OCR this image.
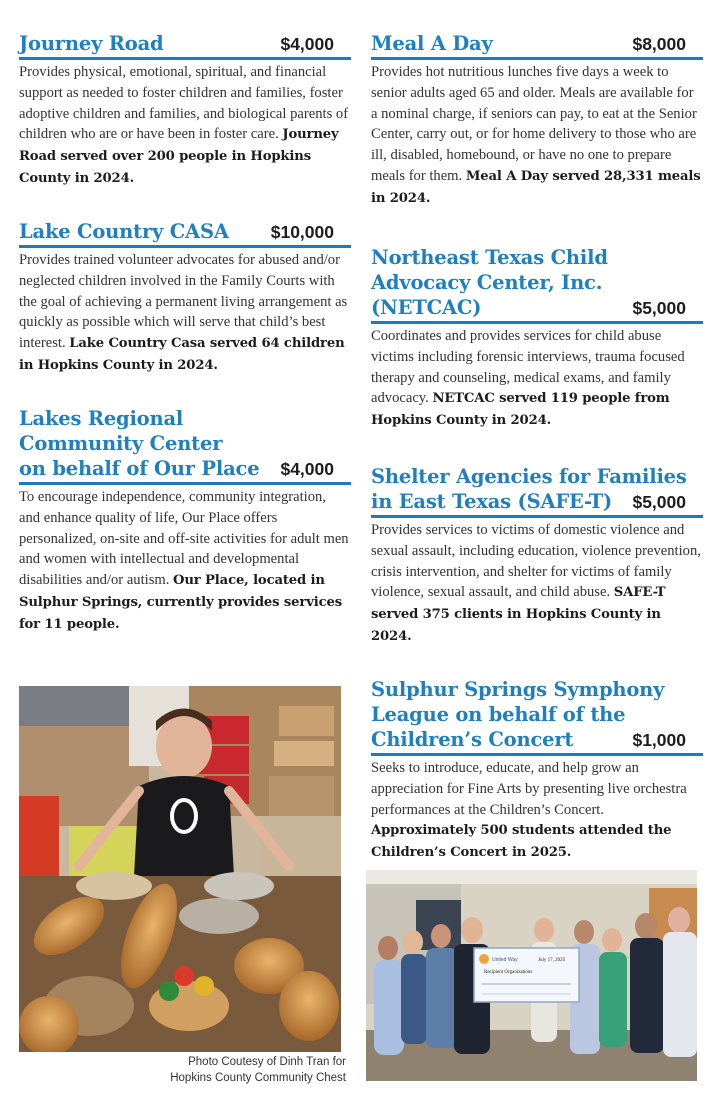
Journey Road	$4,000
Provides physical, emotional, spiritual, and financial support as needed to foster children and families, foster adoptive children and families, and biological parents of children who are or have been in foster care. Journey Road served over 200 people in Hopkins County in 2024.
Lake Country CASA	$10,000
Provides trained volunteer advocates for abused and/or neglected children involved in the Family Courts with the goal of achieving a permanent living arrangement as quickly as possible which will serve that child’s best interest. Lake Country Casa served 64 children in Hopkins County in 2024.
Lakes Regional
Community Center
on behalf of Our Place	$4,000
To encourage independence, community integration, and enhance quality of life, Our Place offers personalized, on-site and off-site activities for adult men and women with intellectual and developmental disabilities and/or autism. Our Place, located in Sulphur Springs, currently provides services for 11 people.
Meal A Day	$8,000
Provides hot nutritious lunches five days a week to senior adults aged 65 and older. Meals are available for a nominal charge, if seniors can pay, to eat at the Senior Center, carry out, or for home delivery to those who are ill, disabled, homebound, or have no one to prepare meals for them. Meal A Day served 28,331 meals in 2024.
Northeast Texas Child
Advocacy Center, Inc.
(NETCAC)	$5,000
Coordinates and provides services for child abuse victims including forensic interviews, trauma focused therapy and counseling, medical exams, and family advocacy. NETCAC served 119 people from Hopkins County in 2024.
Shelter Agencies for Families
in East Texas (SAFE-T)	$5,000
Provides services to victims of domestic violence and sexual assault, including education, violence prevention, crisis intervention, and shelter for victims of family violence, sexual assault, and child abuse. SAFE-T served 375 clients in Hopkins County in 2024.
Sulphur Springs Symphony
League on behalf of the
Children’s Concert	$1,000
Seeks to introduce, educate, and help grow an appreciation for Fine Arts by presenting live orchestra performances at the Children’s Concert. Approximately 500 students attended the Children’s Concert in 2025.
Photo Coutesy of Dinh Tran for
Hopkins County Community Chest
United Way	July 17, 2025
Recipient Organizations
